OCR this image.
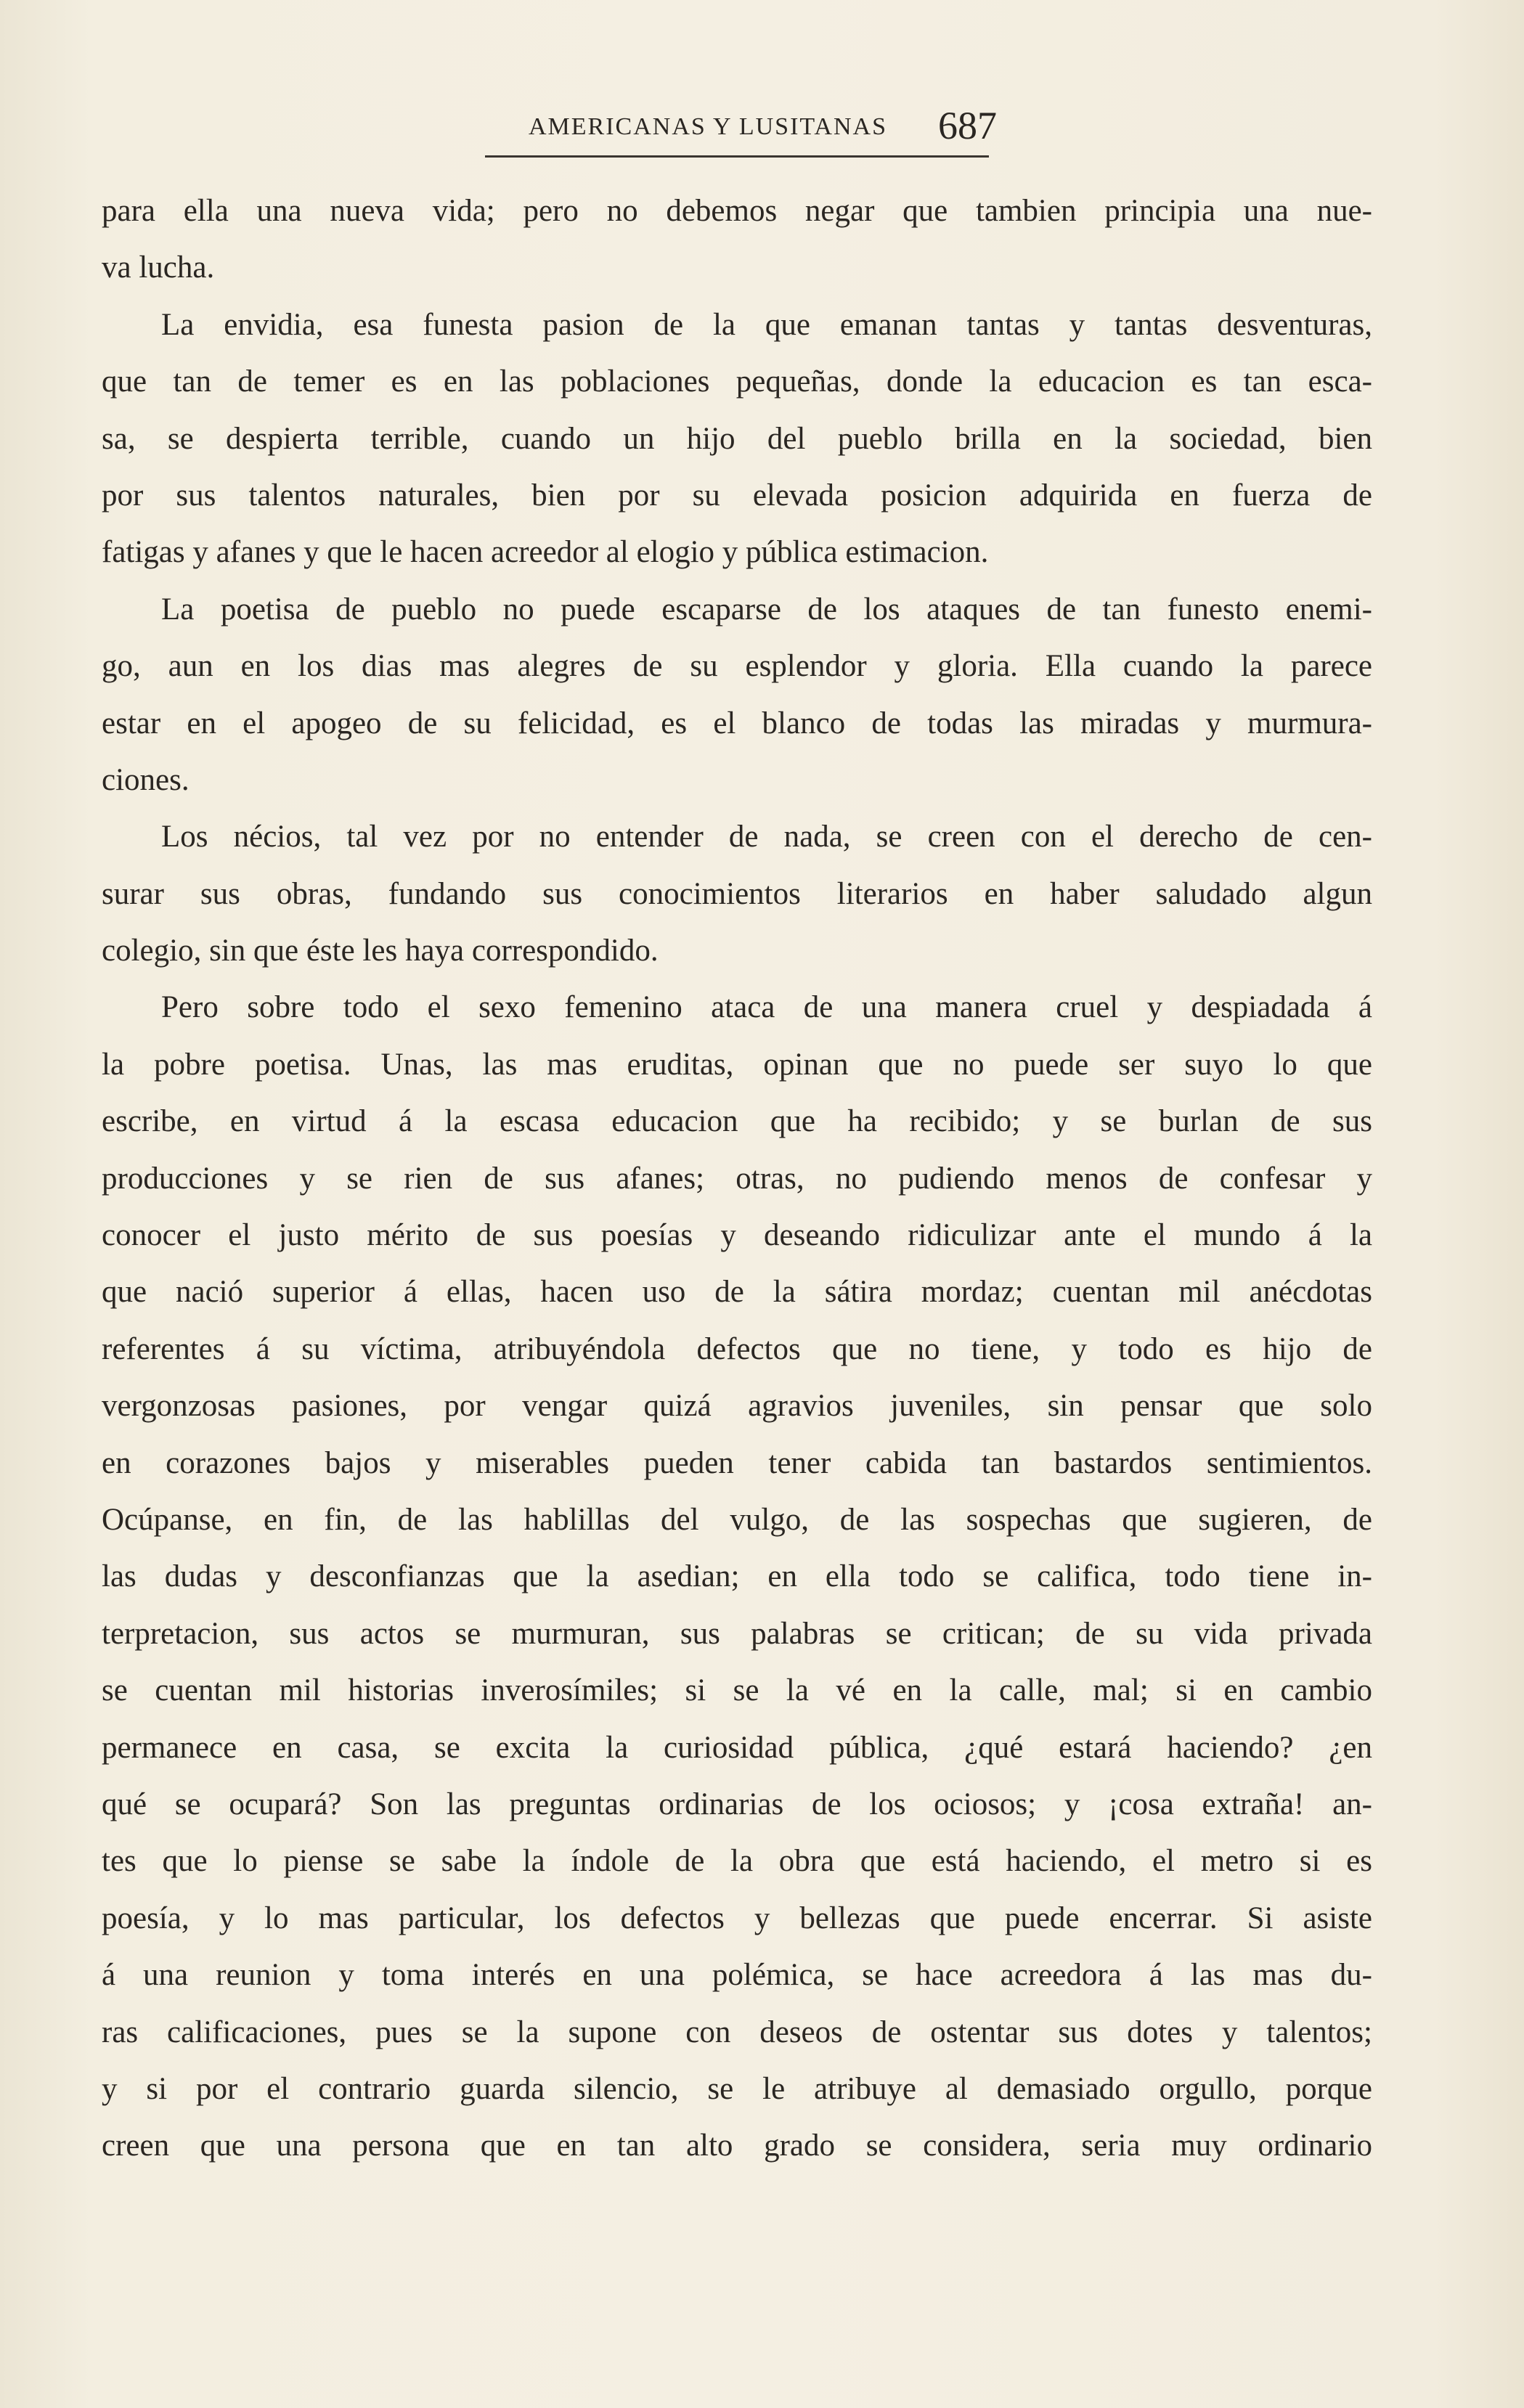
AMERICANAS Y LUSITANAS 687
para ella una nueva vida; pero no debemos negar que tambien principia una nue-
va lucha.
La envidia, esa funesta pasion de la que emanan tantas y tantas desventuras,
que tan de temer es en las poblaciones pequeñas, donde la educacion es tan esca-
sa, se despierta terrible, cuando un hijo del pueblo brilla en la sociedad, bien
por sus talentos naturales, bien por su elevada posicion adquirida en fuerza de
fatigas y afanes y que le hacen acreedor al elogio y pública estimacion.
La poetisa de pueblo no puede escaparse de los ataques de tan funesto enemi-
go, aun en los dias mas alegres de su esplendor y gloria. Ella cuando la parece
estar en el apogeo de su felicidad, es el blanco de todas las miradas y murmura-
ciones.
Los nécios, tal vez por no entender de nada, se creen con el derecho de cen-
surar sus obras, fundando sus conocimientos literarios en haber saludado algun
colegio, sin que éste les haya correspondido.
Pero sobre todo el sexo femenino ataca de una manera cruel y despiadada á
la pobre poetisa. Unas, las mas eruditas, opinan que no puede ser suyo lo que
escribe, en virtud á la escasa educacion que ha recibido; y se burlan de sus
producciones y se rien de sus afanes; otras, no pudiendo menos de confesar y
conocer el justo mérito de sus poesías y deseando ridiculizar ante el mundo á la
que nació superior á ellas, hacen uso de la sátira mordaz; cuentan mil anécdotas
referentes á su víctima, atribuyéndola defectos que no tiene, y todo es hijo de
vergonzosas pasiones, por vengar quizá agravios juveniles, sin pensar que solo
en corazones bajos y miserables pueden tener cabida tan bastardos sentimientos.
Ocúpanse, en fin, de las hablillas del vulgo, de las sospechas que sugieren, de
las dudas y desconfianzas que la asedian; en ella todo se califica, todo tiene in-
terpretacion, sus actos se murmuran, sus palabras se critican; de su vida privada
se cuentan mil historias inverosímiles; si se la vé en la calle, mal; si en cambio
permanece en casa, se excita la curiosidad pública, ¿qué estará haciendo? ¿en
qué se ocupará? Son las preguntas ordinarias de los ociosos; y ¡cosa extraña! an-
tes que lo piense se sabe la índole de la obra que está haciendo, el metro si es
poesía, y lo mas particular, los defectos y bellezas que puede encerrar. Si asiste
á una reunion y toma interés en una polémica, se hace acreedora á las mas du-
ras calificaciones, pues se la supone con deseos de ostentar sus dotes y talentos;
y si por el contrario guarda silencio, se le atribuye al demasiado orgullo, porque
creen que una persona que en tan alto grado se considera, seria muy ordinario
